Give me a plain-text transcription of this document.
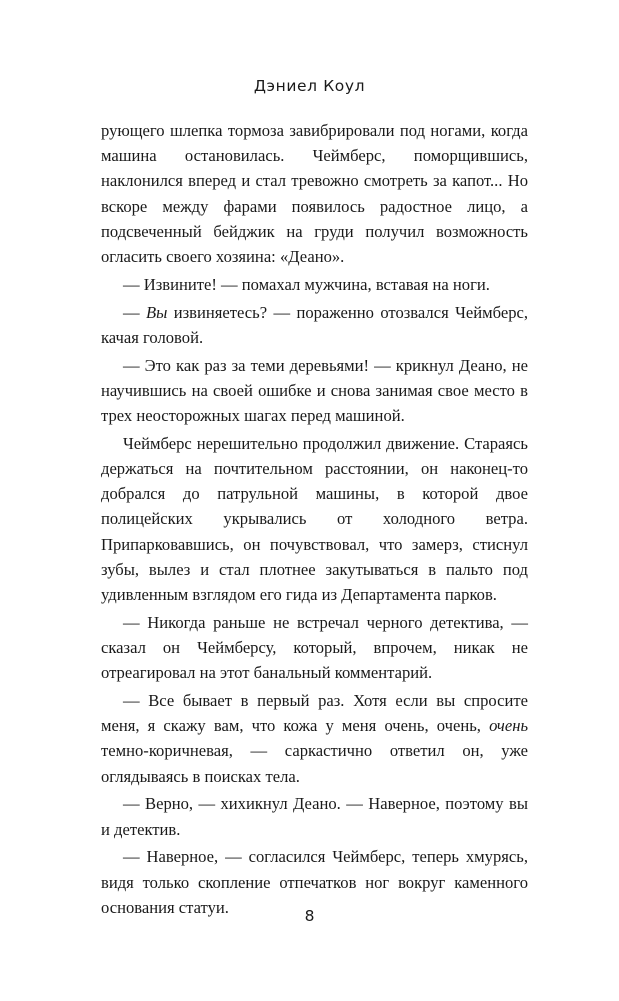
Дэниел Коул

рующего шлепка тормоза завибрировали под ногами, когда машина остановилась. Чеймберс, поморщившись, наклонился вперед и стал тревожно смотреть за капот... Но вскоре между фарами появилось радостное лицо, а подсвеченный бейджик на груди получил возможность огласить своего хозяина: «Деано».

— Извините! — помахал мужчина, вставая на ноги.

— Вы извиняетесь? — пораженно отозвался Чеймберс, качая головой.

— Это как раз за теми деревьями! — крикнул Деано, не научившись на своей ошибке и снова занимая свое место в трех неосторожных шагах перед машиной.

Чеймберс нерешительно продолжил движение. Стараясь держаться на почтительном расстоянии, он наконец-то добрался до патрульной машины, в которой двое полицейских укрывались от холодного ветра. Припарковавшись, он почувствовал, что замерз, стиснул зубы, вылез и стал плотнее закутываться в пальто под удивленным взглядом его гида из Департамента парков.

— Никогда раньше не встречал черного детектива, — сказал он Чеймберсу, который, впрочем, никак не отреагировал на этот банальный комментарий.

— Все бывает в первый раз. Хотя если вы спросите меня, я скажу вам, что кожа у меня очень, очень, очень темно-коричневая, — саркастично ответил он, уже оглядываясь в поисках тела.

— Верно, — хихикнул Деано. — Наверное, поэтому вы и детектив.

— Наверное, — согласился Чеймберс, теперь хмурясь, видя только скопление отпечатков ног вокруг каменного основания статуи.	8
